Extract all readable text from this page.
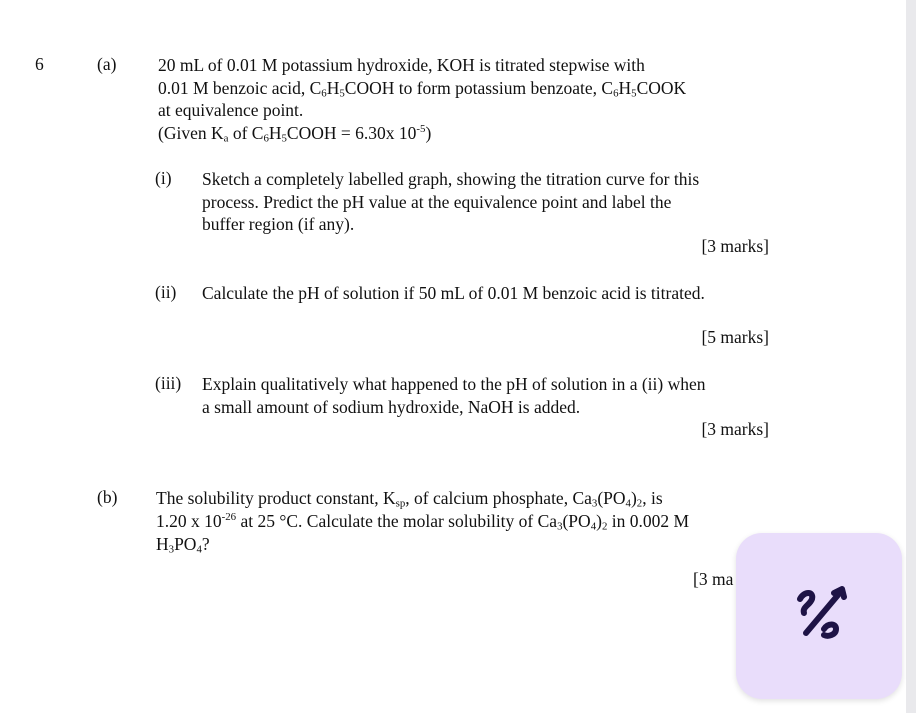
6	(a) 20 mL of 0.01 M potassium hydroxide, KOH is titrated stepwise with
0.01 M benzoic acid, $C_6H_5COOH$ to form potassium benzoate, $C_6H_5COOK$
at equivalence point.
(Given $K_a$ of $C_6H_5COOH = 6.30x$ $10^{-5}$)
(i) Sketch a completely labelled graph, showing the titration curve for this
process. Predict the pH value at the equivalence point and label the
buffer region (if any).
[3 marks]
(ii) Calculate the pH of solution if 50 mL of 0.01 M benzoic acid is titrated.
[5 marks]
(iii) Explain qualitatively what happened to the pH of solution in a (ii) when
a small amount of sodium hydroxide, NaOH is added.
[3 marks]
(b) The solubility product constant, $K_{sp}$, of calcium phosphate, $Ca_3(PO_4)_2$, is
1.20 x $10^{-26}$ at 25 °C. Calculate the molar solubility of $Ca_3(PO_4)_2$ in 0.002 M
$H_3PO_4$?
[3 ma
